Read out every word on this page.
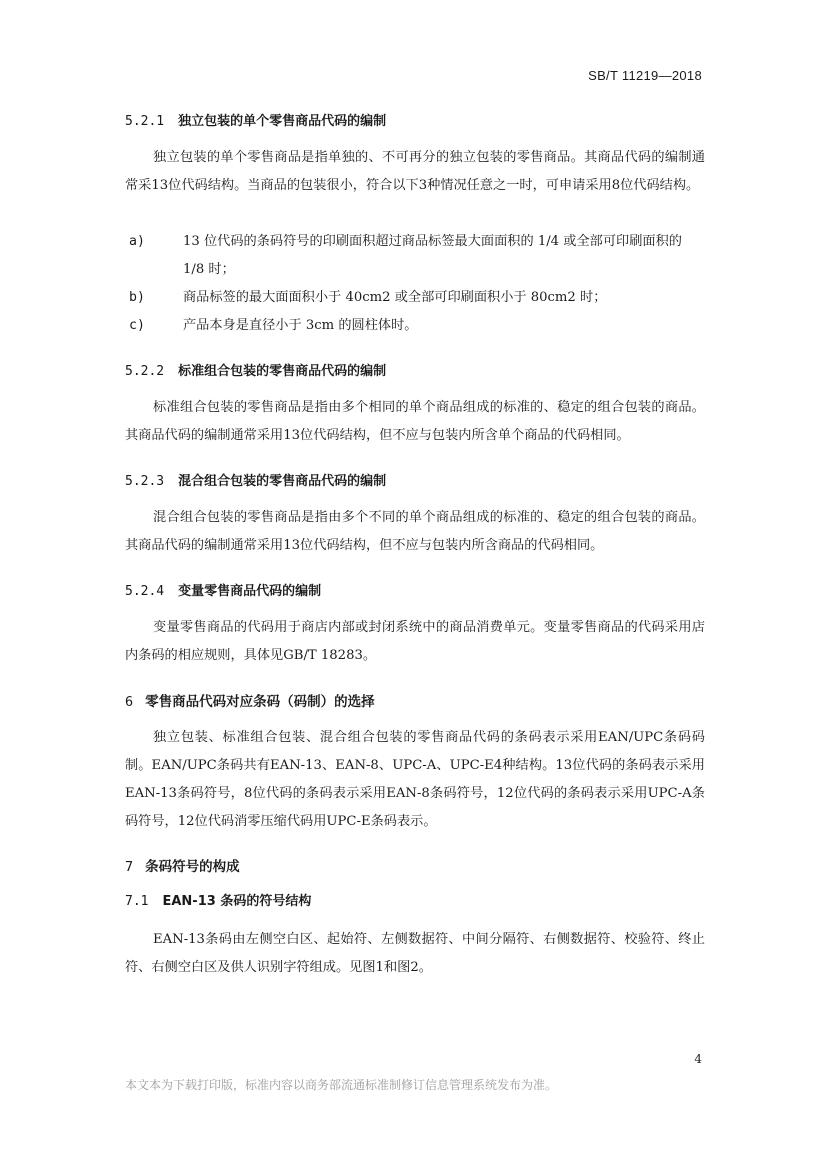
SB/T 11219—2018
5.2.1 独立包装的单个零售商品代码的编制
独立包装的单个零售商品是指单独的、不可再分的独立包装的零售商品。其商品代码的编制通常采13位代码结构。当商品的包装很小，符合以下3种情况任意之一时，可申请采用8位代码结构。
a)	13 位代码的条码符号的印刷面积超过商品标签最大面面积的 1/4 或全部可印刷面积的 1/8 时；
b)	商品标签的最大面面积小于 40cm2 或全部可印刷面积小于 80cm2 时；
c)	产品本身是直径小于 3cm 的圆柱体时。
5.2.2 标准组合包装的零售商品代码的编制
标准组合包装的零售商品是指由多个相同的单个商品组成的标准的、稳定的组合包装的商品。其商品代码的编制通常采用13位代码结构，但不应与包装内所含单个商品的代码相同。
5.2.3 混合组合包装的零售商品代码的编制
混合组合包装的零售商品是指由多个不同的单个商品组成的标准的、稳定的组合包装的商品。其商品代码的编制通常采用13位代码结构，但不应与包装内所含商品的代码相同。
5.2.4 变量零售商品代码的编制
变量零售商品的代码用于商店内部或封闭系统中的商品消费单元。变量零售商品的代码采用店内条码的相应规则，具体见GB/T 18283。
6 零售商品代码对应条码（码制）的选择
独立包装、标准组合包装、混合组合包装的零售商品代码的条码表示采用EAN/UPC条码码制。EAN/UPC条码共有EAN-13、EAN-8、UPC-A、UPC-E4种结构。13位代码的条码表示采用EAN-13条码符号，8位代码的条码表示采用EAN-8条码符号，12位代码的条码表示采用UPC-A条码符号，12位代码消零压缩代码用UPC-E条码表示。
7 条码符号的构成
7.1 EAN-13 条码的符号结构
EAN-13条码由左侧空白区、起始符、左侧数据符、中间分隔符、右侧数据符、校验符、终止符、右侧空白区及供人识别字符组成。见图1和图2。
4
本文本为下载打印版，标准内容以商务部流通标准制修订信息管理系统发布为准。
